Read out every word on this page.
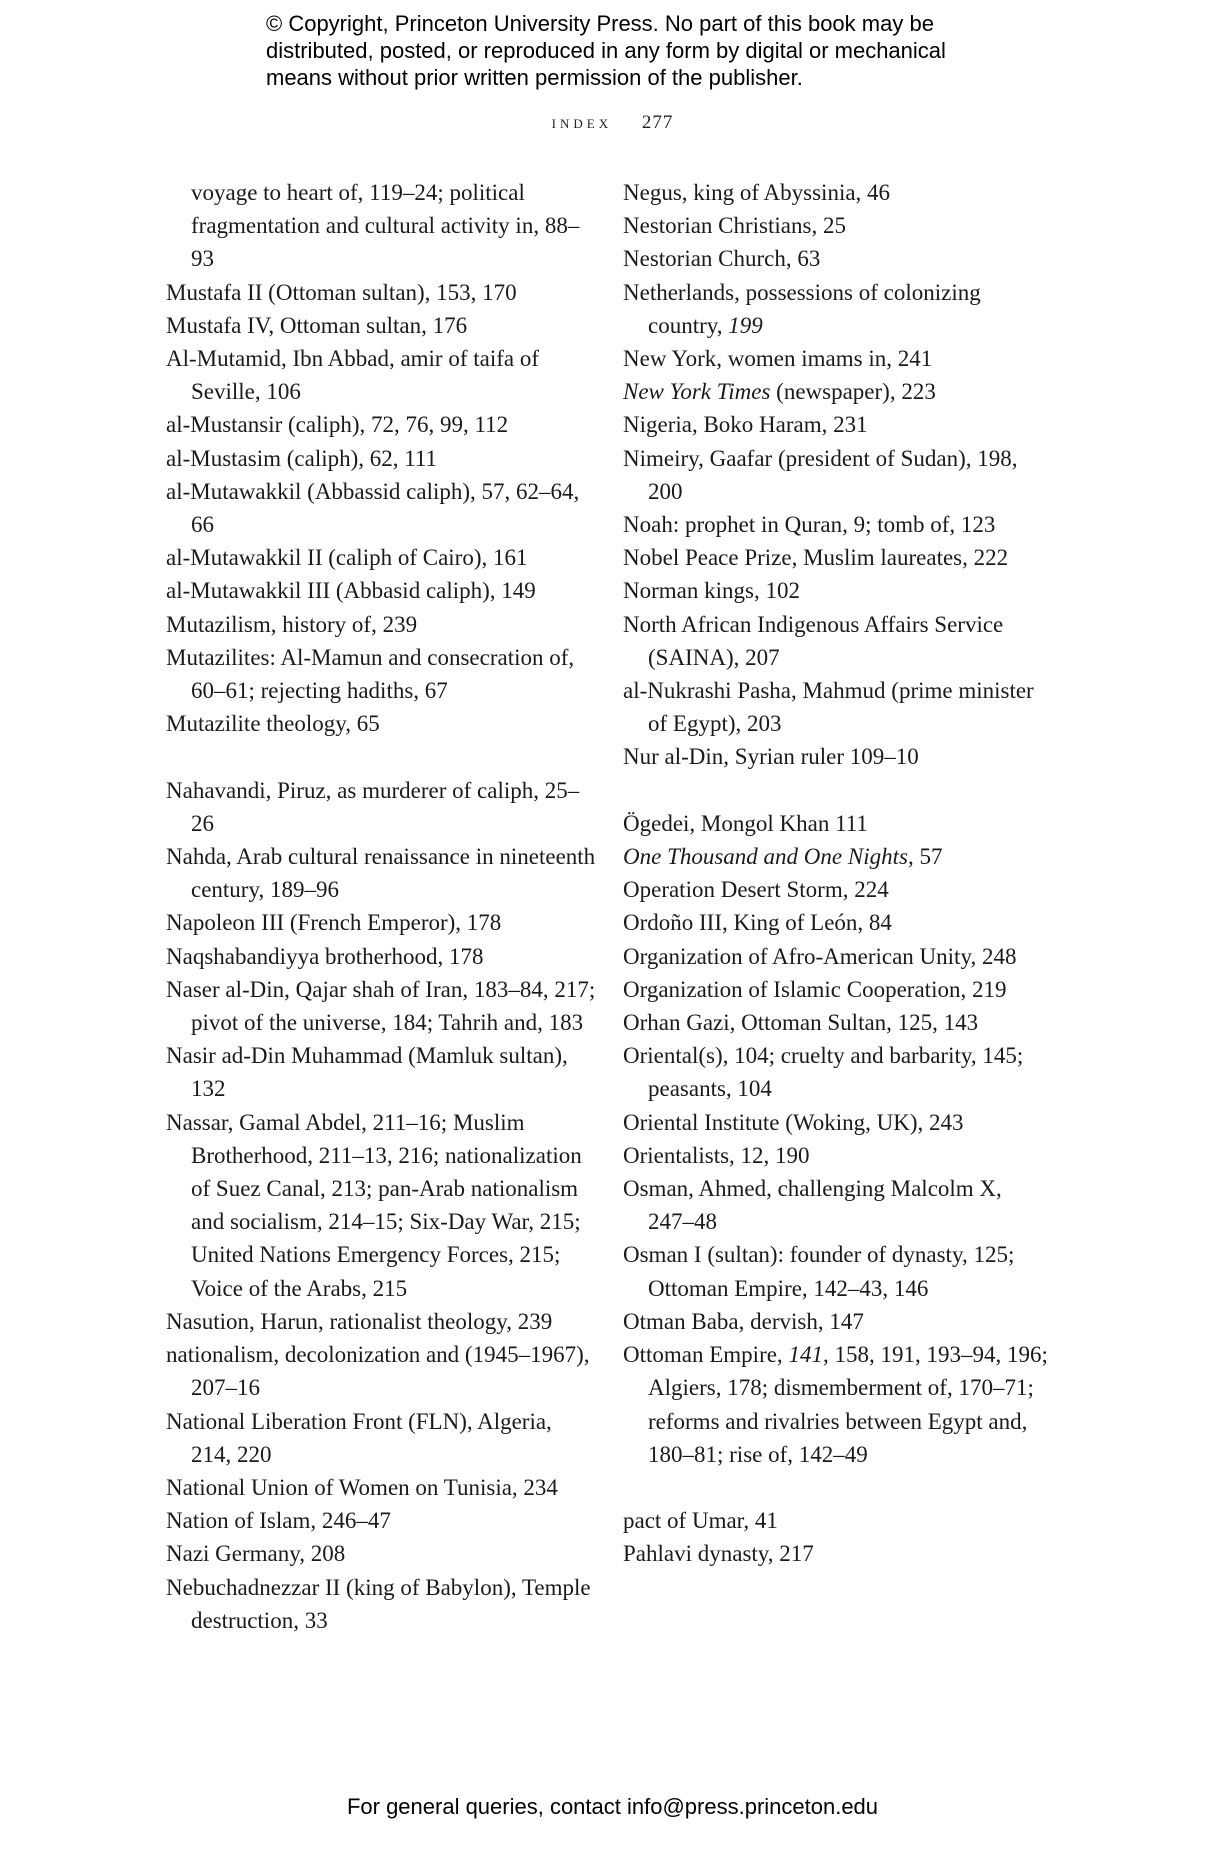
© Copyright, Princeton University Press. No part of this book may be
distributed, posted, or reproduced in any form by digital or mechanical
means without prior written permission of the publisher.
index 277

voyage to heart of, 119–24; political fragmentation and cultural activity in, 88–93

Mustafa II (Ottoman sultan), 153, 170

Mustafa IV, Ottoman sultan, 176

Al-Mutamid, Ibn Abbad, amir of taifa of Seville, 106

al-Mustansir (caliph), 72, 76, 99, 112

al-Mustasim (caliph), 62, 111

al-Mutawakkil (Abbassid caliph), 57, 62–64, 66

al-Mutawakkil II (caliph of Cairo), 161

al-Mutawakkil III (Abbasid caliph), 149

Mutazilism, history of, 239

Mutazilites: Al-Mamun and consecration of, 60–61; rejecting hadiths, 67

Mutazilite theology, 65

Nahavandi, Piruz, as murderer of caliph, 25–26

Nahda, Arab cultural renaissance in nineteenth century, 189–96

Napoleon III (French Emperor), 178

Naqshabandiyya brotherhood, 178

Naser al-Din, Qajar shah of Iran, 183–84, 217; pivot of the universe, 184; Tahrih and, 183

Nasir ad-Din Muhammad (Mamluk sultan), 132

Nassar, Gamal Abdel, 211–16; Muslim Brotherhood, 211–13, 216; nationalization of Suez Canal, 213; pan-Arab nationalism and socialism, 214–15; Six-Day War, 215; United Nations Emergency Forces, 215; Voice of the Arabs, 215

Nasution, Harun, rationalist theology, 239

nationalism, decolonization and (1945–1967), 207–16

National Liberation Front (FLN), Algeria, 214, 220

National Union of Women on Tunisia, 234

Nation of Islam, 246–47

Nazi Germany, 208

Nebuchadnezzar II (king of Babylon), Temple destruction, 33

Negus, king of Abyssinia, 46

Nestorian Christians, 25

Nestorian Church, 63

Netherlands, possessions of colonizing country, 199

New York, women imams in, 241

New York Times (newspaper), 223

Nigeria, Boko Haram, 231

Nimeiry, Gaafar (president of Sudan), 198, 200

Noah: prophet in Quran, 9; tomb of, 123

Nobel Peace Prize, Muslim laureates, 222

Norman kings, 102

North African Indigenous Affairs Service (SAINA), 207

al-Nukrashi Pasha, Mahmud (prime minister of Egypt), 203

Nur al-Din, Syrian ruler 109–10

Ögedei, Mongol Khan 111

One Thousand and One Nights, 57

Operation Desert Storm, 224

Ordoño III, King of León, 84

Organization of Afro-American Unity, 248

Organization of Islamic Cooperation, 219

Orhan Gazi, Ottoman Sultan, 125, 143

Oriental(s), 104; cruelty and barbarity, 145; peasants, 104

Oriental Institute (Woking, UK), 243

Orientalists, 12, 190

Osman, Ahmed, challenging Malcolm X, 247–48

Osman I (sultan): founder of dynasty, 125; Ottoman Empire, 142–43, 146

Otman Baba, dervish, 147

Ottoman Empire, 141, 158, 191, 193–94, 196; Algiers, 178; dismemberment of, 170–71; reforms and rivalries between Egypt and, 180–81; rise of, 142–49

pact of Umar, 41

Pahlavi dynasty, 217

For general queries, contact info@press.princeton.edu
